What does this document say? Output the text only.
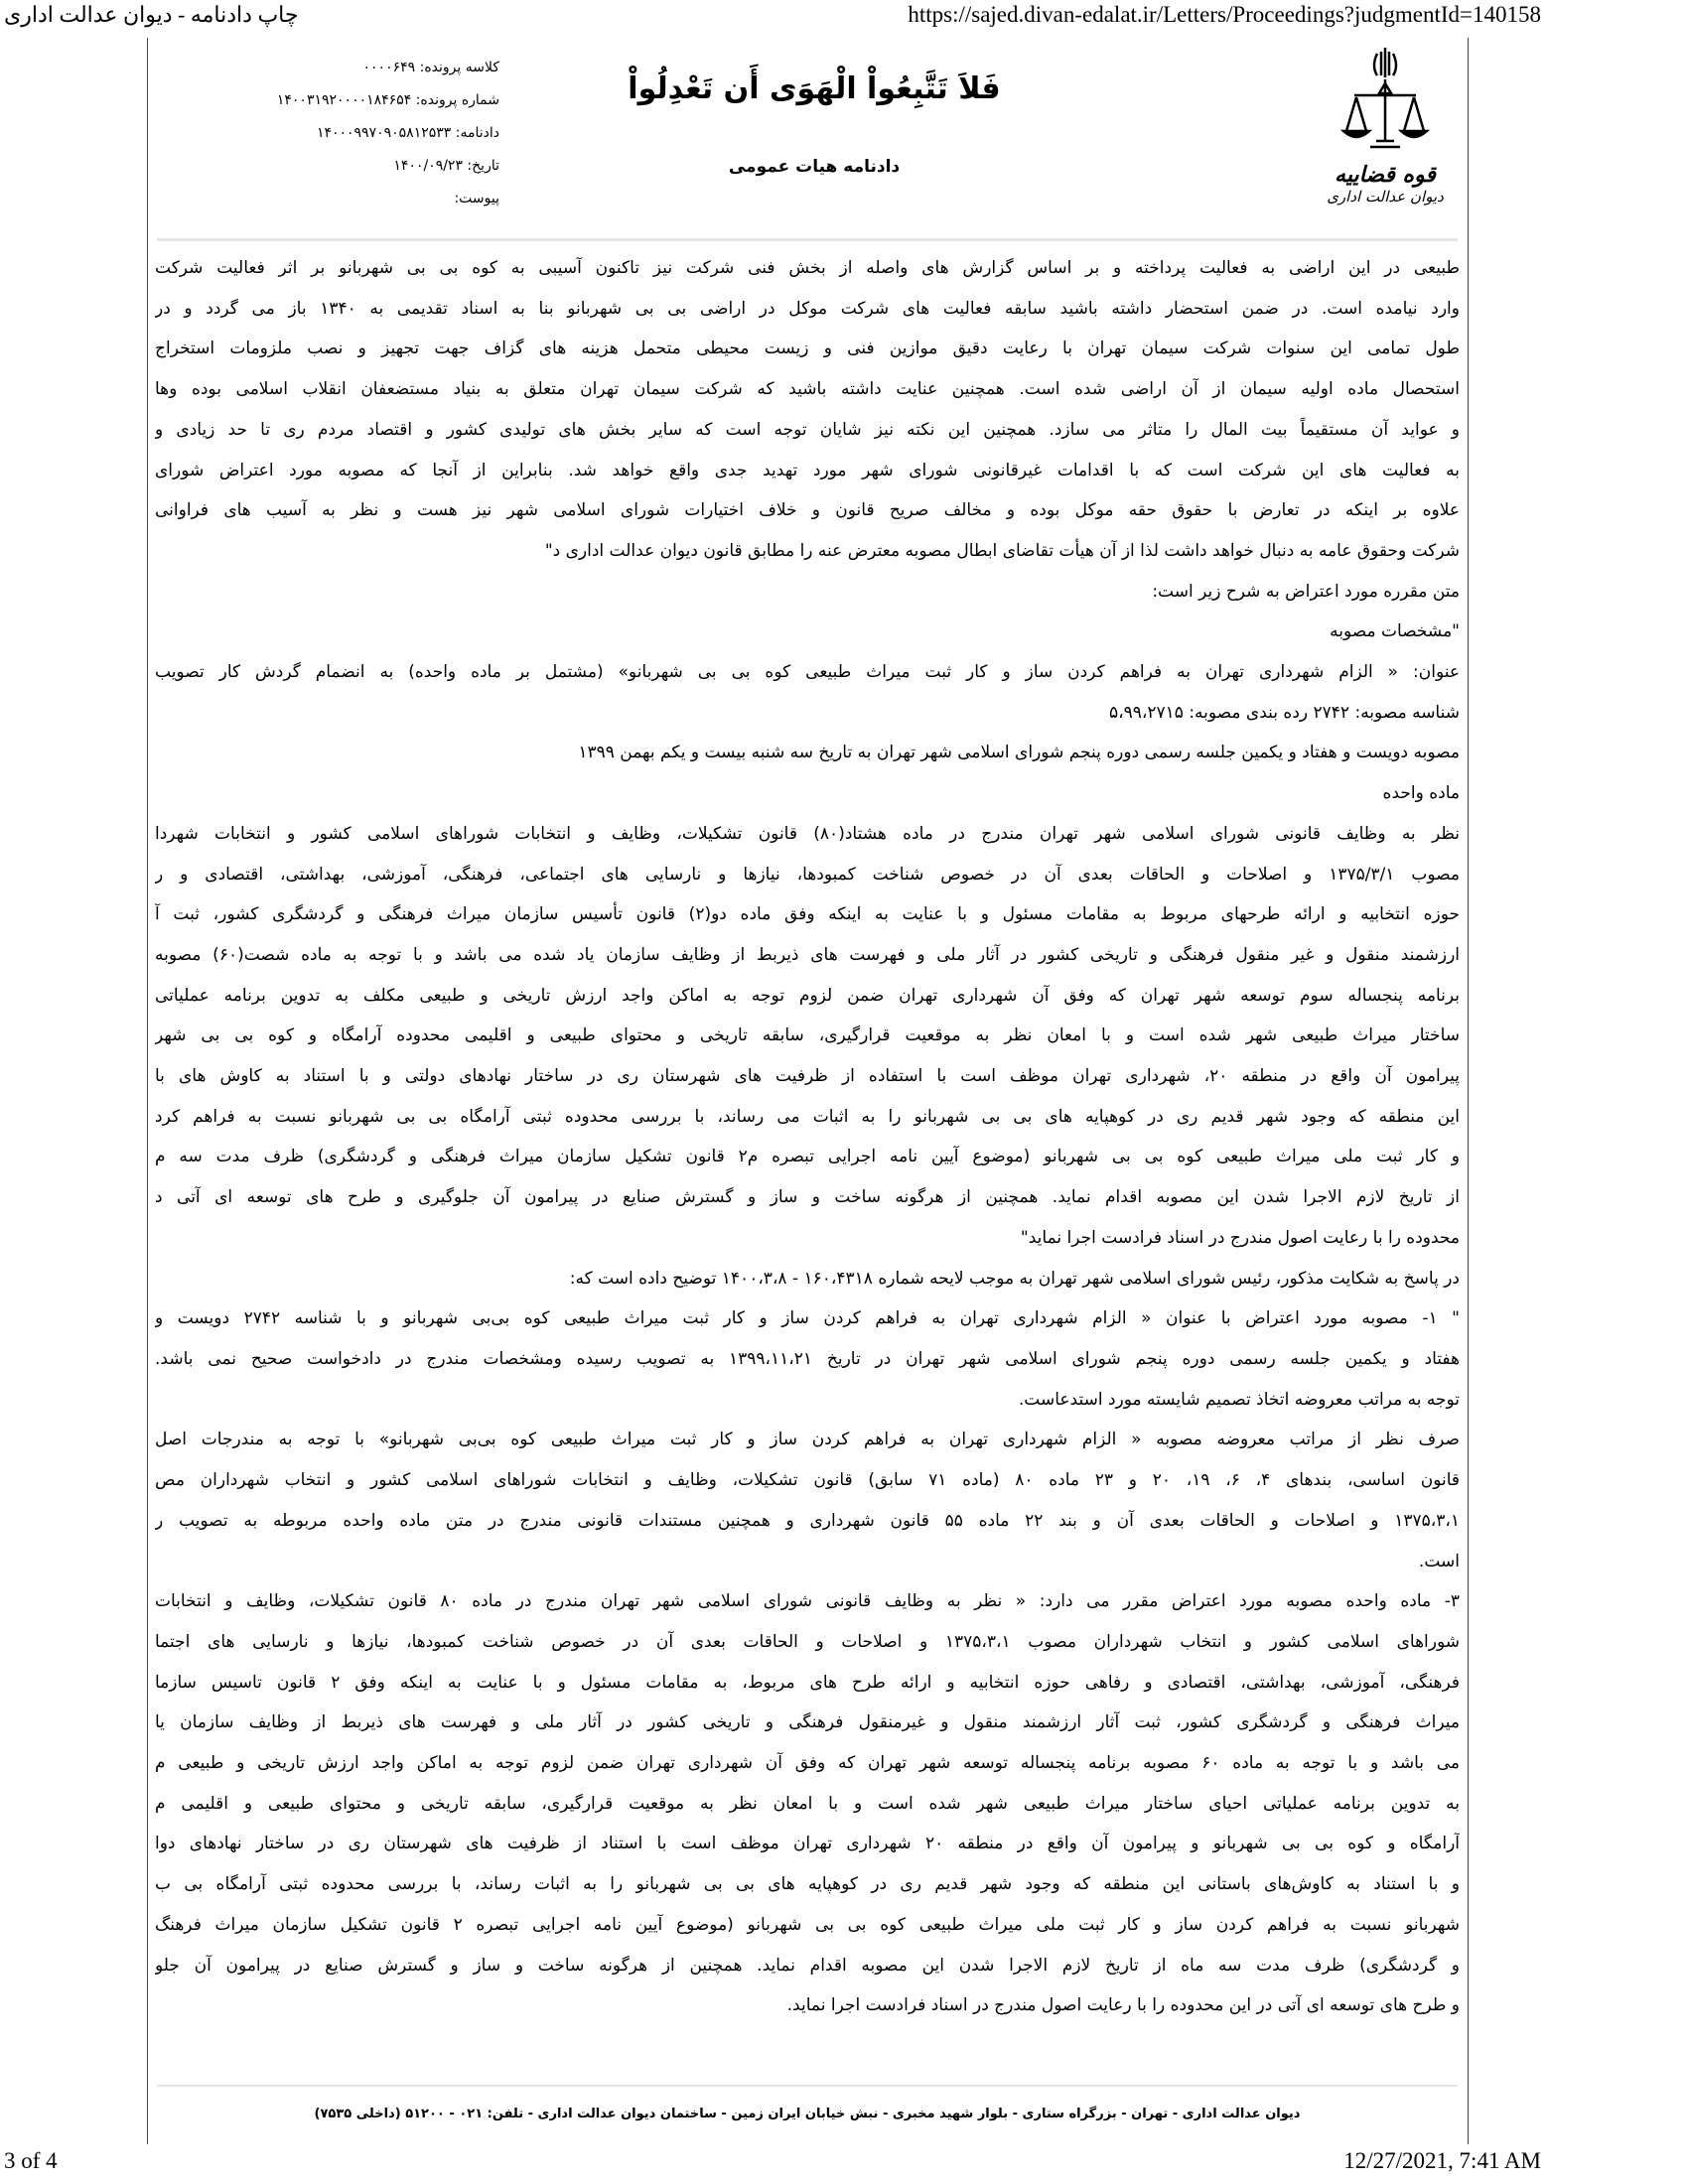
چاپ دادنامه - دیوان عدالت اداری	https://sajed.divan-edalat.ir/Letters/Proceedings?judgmentId=140158
قوه قضاییه
دیوان عدالت اداری
فَلاَ تَتَّبِعُواْ الْهَوَى أَن تَعْدِلُواْ
دادنامه هیات عمومی
کلاسه پرونده: ۰۰۰۰۶۴۹
شماره پرونده: ۱۴۰۰۳۱۹۲۰۰۰۰۱۸۴۶۵۴
دادنامه: ۱۴۰۰۰۹۹۷۰۹۰۵۸۱۲۵۳۳
تاریخ: ۱۴۰۰/۰۹/۲۳
پیوست:
طبیعی در این اراضی به فعالیت پرداخته و بر اساس گزارش های واصله از بخش فنی شرکت نیز تاکنون آسیبی به کوه بی بی شهربانو بر اثر فعالیت شرکت
وارد نیامده است. در ضمن استحضار داشته باشید سابقه فعالیت های شرکت موکل در اراضی بی بی شهربانو بنا به اسناد تقدیمی به ۱۳۴۰ باز می گردد و در
طول تمامی این سنوات شرکت سیمان تهران با رعایت دقیق موازین فنی و زیست محیطی متحمل هزینه های گزاف جهت تجهیز و نصب ملزومات استخراج
استحصال ماده اولیه سیمان از آن اراضی شده است. همچنین عنایت داشته باشید که شرکت سیمان تهران متعلق به بنیاد مستضعفان انقلاب اسلامی بوده وها
و عواید آن مستقیماً بیت المال را متاثر می سازد. همچنین این نکته نیز شایان توجه است که سایر بخش های تولیدی کشور و اقتصاد مردم ری تا حد زیادی و
به فعالیت های این شرکت است که با اقدامات غیرقانونی شورای شهر مورد تهدید جدی واقع خواهد شد. بنابراین از آنجا که مصوبه مورد اعتراض شورای
علاوه بر اینکه در تعارض با حقوق حقه موکل بوده و مخالف صریح قانون و خلاف اختیارات شورای اسلامی شهر نیز هست و نظر به آسیب های فراوانی
شرکت وحقوق عامه به دنبال خواهد داشت لذا از آن هیأت تقاضای ابطال مصوبه معترض عنه را مطابق قانون دیوان عدالت اداری د"
متن مقرره مورد اعتراض به شرح زیر است:
"مشخصات مصوبه
عنوان: « الزام شهرداری تهران به فراهم کردن ساز و کار ثبت میراث طبیعی کوه بی بی شهربانو» (مشتمل بر ماده واحده) به انضمام گردش کار تصویب
شناسه مصوبه: ۲۷۴۲ رده بندی مصوبه: ۵،۹۹،۲۷۱۵
مصوبه دویست و هفتاد و یکمین جلسه رسمی دوره پنجم شورای اسلامی شهر تهران به تاریخ سه شنبه بیست و یکم بهمن ۱۳۹۹
ماده واحده
نظر به وظایف قانونی شورای اسلامی شهر تهران مندرج در ماده هشتاد(۸۰) قانون تشکیلات، وظایف و انتخابات شوراهای اسلامی کشور و انتخابات شهردا
مصوب ۱۳۷۵/۳/۱ و اصلاحات و الحاقات بعدی آن در خصوص شناخت کمبودها، نیازها و نارسایی های اجتماعی، فرهنگی، آموزشی، بهداشتی، اقتصادی و ر
حوزه انتخابیه و ارائه طرحهای مربوط به مقامات مسئول و با عنایت به اینکه وفق ماده دو(۲) قانون تأسیس سازمان میراث فرهنگی و گردشگری کشور، ثبت آ
ارزشمند منقول و غیر منقول فرهنگی و تاریخی کشور در آثار ملی و فهرست های ذیربط از وظایف سازمان یاد شده می باشد و با توجه به ماده شصت(۶۰) مصوبه
برنامه پنجساله سوم توسعه شهر تهران که وفق آن شهرداری تهران ضمن لزوم توجه به اماکن واجد ارزش تاریخی و طبیعی مکلف به تدوین برنامه عملیاتی
ساختار میراث طبیعی شهر شده است و با امعان نظر به موقعیت قرارگیری، سابقه تاریخی و محتوای طبیعی و اقلیمی محدوده آرامگاه و کوه بی بی شهر
پیرامون آن واقع در منطقه ۲۰، شهرداری تهران موظف است با استفاده از ظرفیت های شهرستان ری در ساختار نهادهای دولتی و با استناد به کاوش های با
این منطقه که وجود شهر قدیم ری در کوهپایه های بی بی شهربانو را به اثبات می رساند، با بررسی محدوده ثبتی آرامگاه بی بی شهربانو نسبت به فراهم کرد
و کار ثبت ملی میراث طبیعی کوه بی بی شهربانو (موضوع آیین نامه اجرایی تبصره م۲ قانون تشکیل سازمان میراث فرهنگی و گردشگری) ظرف مدت سه م
از تاریخ لازم الاجرا شدن این مصوبه اقدام نماید. همچنین از هرگونه ساخت و ساز و گسترش صنایع در پیرامون آن جلوگیری و طرح های توسعه ای آتی د
محدوده را با رعایت اصول مندرج در اسناد فرادست اجرا نماید"
در پاسخ به شکایت مذکور، رئیس شورای اسلامی شهر تهران به موجب لایحه شماره ۱۶۰،۴۳۱۸ - ۱۴۰۰،۳،۸ توضیح داده است که:
" ۱- مصوبه مورد اعتراض با عنوان « الزام شهرداری تهران به فراهم کردن ساز و کار ثبت میراث طبیعی کوه بی‌بی شهربانو و با شناسه ۲۷۴۲ دویست و
هفتاد و یکمین جلسه رسمی دوره پنجم شورای اسلامی شهر تهران در تاریخ ۱۳۹۹،۱۱،۲۱ به تصویب رسیده ومشخصات مندرج در دادخواست صحیح نمی باشد.
توجه به مراتب معروضه اتخاذ تصمیم شایسته مورد استدعاست.
صرف نظر از مراتب معروضه مصوبه « الزام شهرداری تهران به فراهم کردن ساز و کار ثبت میراث طبیعی کوه بی‌بی شهربانو» با توجه به مندرجات اصل
قانون اساسی، بندهای ۴، ۶، ۱۹، ۲۰ و ۲۳ ماده ۸۰ (ماده ۷۱ سابق) قانون تشکیلات، وظایف و انتخابات شوراهای اسلامی کشور و انتخاب شهرداران مص
۱۳۷۵،۳،۱ و اصلاحات و الحاقات بعدی آن و بند ۲۲ ماده ۵۵ قانون شهرداری و همچنین مستندات قانونی مندرج در متن ماده واحده مربوطه به تصویب ر
است.
۳- ماده واحده مصوبه مورد اعتراض مقرر می دارد: « نظر به وظایف قانونی شورای اسلامی شهر تهران مندرج در ماده ۸۰ قانون تشکیلات، وظایف و انتخابات
شوراهای اسلامی کشور و انتخاب شهرداران مصوب ۱۳۷۵،۳،۱ و اصلاحات و الحاقات بعدی آن در خصوص شناخت کمبودها، نیازها و نارسایی های اجتما
فرهنگی، آموزشی، بهداشتی، اقتصادی و رفاهی حوزه انتخابیه و ارائه طرح های مربوط، به مقامات مسئول و با عنایت به اینکه وفق ۲ قانون تاسیس سازما
میراث فرهنگی و گردشگری کشور، ثبت آثار ارزشمند منقول و غیرمنقول فرهنگی و تاریخی کشور در آثار ملی و فهرست های ذیربط از وظایف سازمان یا
می باشد و با توجه به ماده ۶۰ مصوبه برنامه پنجساله توسعه شهر تهران که وفق آن شهرداری تهران ضمن لزوم توجه به اماکن واجد ارزش تاریخی و طبیعی م
به تدوین برنامه عملیاتی احیای ساختار میراث طبیعی شهر شده است و با امعان نظر به موقعیت قرارگیری، سابقه تاریخی و محتوای طبیعی و اقلیمی م
آرامگاه و کوه بی بی شهربانو و پیرامون آن واقع در منطقه ۲۰ شهرداری تهران موظف است با استناد از ظرفیت های شهرستان ری در ساختار نهادهای دوا
و با استناد به کاوش‌های باستانی این منطقه که وجود شهر قدیم ری در کوهپایه های بی بی شهربانو را به اثبات رساند، با بررسی محدوده ثبتی آرامگاه بی ب
شهربانو نسبت به فراهم کردن ساز و کار ثبت ملی میراث طبیعی کوه بی بی شهربانو (موضوع آیین نامه اجرایی تبصره ۲ قانون تشکیل سازمان میراث فرهنگ
و گردشگری) ظرف مدت سه ماه از تاریخ لازم الاجرا شدن این مصوبه اقدام نماید. همچنین از هرگونه ساخت و ساز و گسترش صنایع در پیرامون آن جلو
و طرح های توسعه ای آتی در این محدوده را با رعایت اصول مندرج در اسناد فرادست اجرا نماید.
دیوان عدالت اداری - تهران - بزرگراه ستاری - بلوار شهید مخبری - نبش خیابان ایران زمین - ساختمان دیوان عدالت اداری - تلفن: ۰۲۱ - ۵۱۲۰۰ (داخلی ۷۵۳۵)
3 of 4	12/27/2021, 7:41 AM
